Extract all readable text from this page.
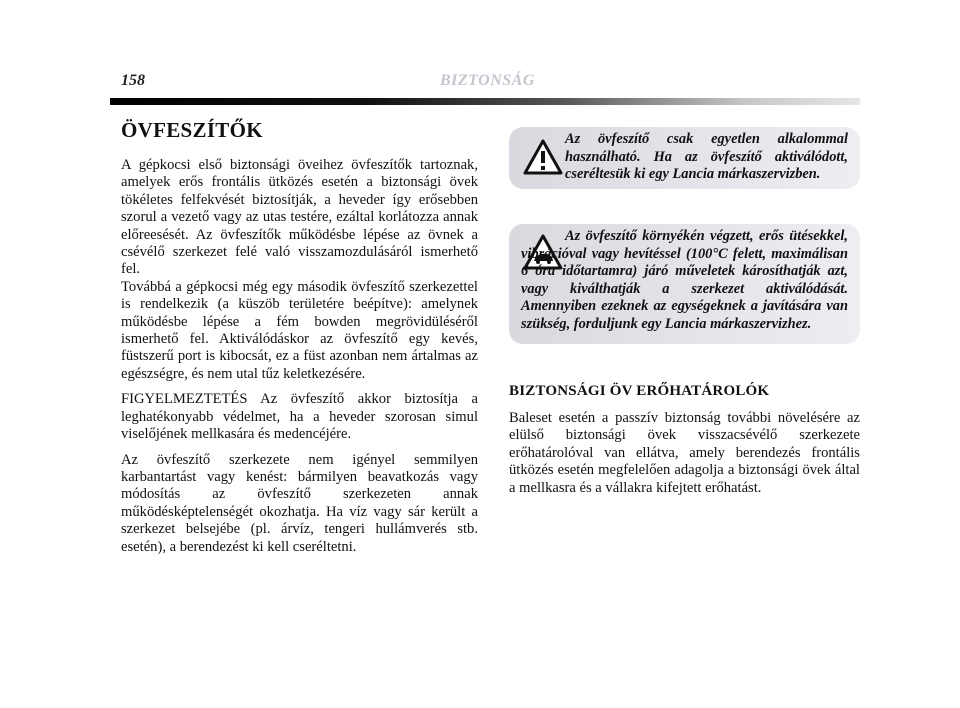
158	BIZTONSÁG
ÖVFESZÍTŐK

A gépkocsi első biztonsági öveihez övfeszítők tartoznak, amelyek erős frontális ütközés esetén a biztonsági övek tökéletes felfekvését biztosítják, a heveder így erősebben szorul a vezető vagy az utas testére, ezáltal korlátozza annak előreesését. Az övfeszítők működésbe lépése az övnek a csévélő szerkezet felé való visszamozdulásáról ismerhető fel.

Továbbá a gépkocsi még egy második övfeszítő szerkezettel is rendelkezik (a küszöb területére beépítve): amelynek működésbe lépése a fém bowden megrövidüléséről ismerhető fel. Aktiválódáskor az övfeszítő egy kevés, füstszerű port is kibocsát, ez a füst azonban nem ártalmas az egészségre, és nem utal tűz keletkezésére.

FIGYELMEZTETÉS Az övfeszítő akkor biztosítja a leghatékonyabb védelmet, ha a heveder szorosan simul viselőjének mellkasára és medencéjére.

Az övfeszítő szerkezete nem igényel semmilyen karbantartást vagy kenést: bármilyen beavatkozás vagy módosítás az övfeszítő szerkezeten annak működésképtelenségét okozhatja. Ha víz vagy sár került a szerkezet belsejébe (pl. árvíz, tengeri hullámverés stb. esetén), a berendezést ki kell cseréltetni.

Az övfeszítő csak egyetlen alkalommal használható. Ha az övfeszítő aktiválódott, cseréltesük ki egy Lancia márkaszervizben.
Az övfeszítő környékén végzett, erős ütésekkel, vibrációval vagy hevítéssel (100°C felett, maximálisan 6 óra időtartamra) járó műveletek károsíthatják azt, vagy kiválthatják a szerkezet aktiválódását. Amennyiben ezeknek az egységeknek a javítására van szükség, forduljunk egy Lancia márkaszervizhez.
BIZTONSÁGI ÖV ERŐHATÁROLÓK

Baleset esetén a passzív biztonság további növelésére az elülső biztonsági övek visszacsévélő szerkezete erőhatárolóval van ellátva, amely berendezés frontális ütközés esetén megfelelően adagolja a biztonsági övek által a mellkasra és a vállakra kifejtett erőhatást.
